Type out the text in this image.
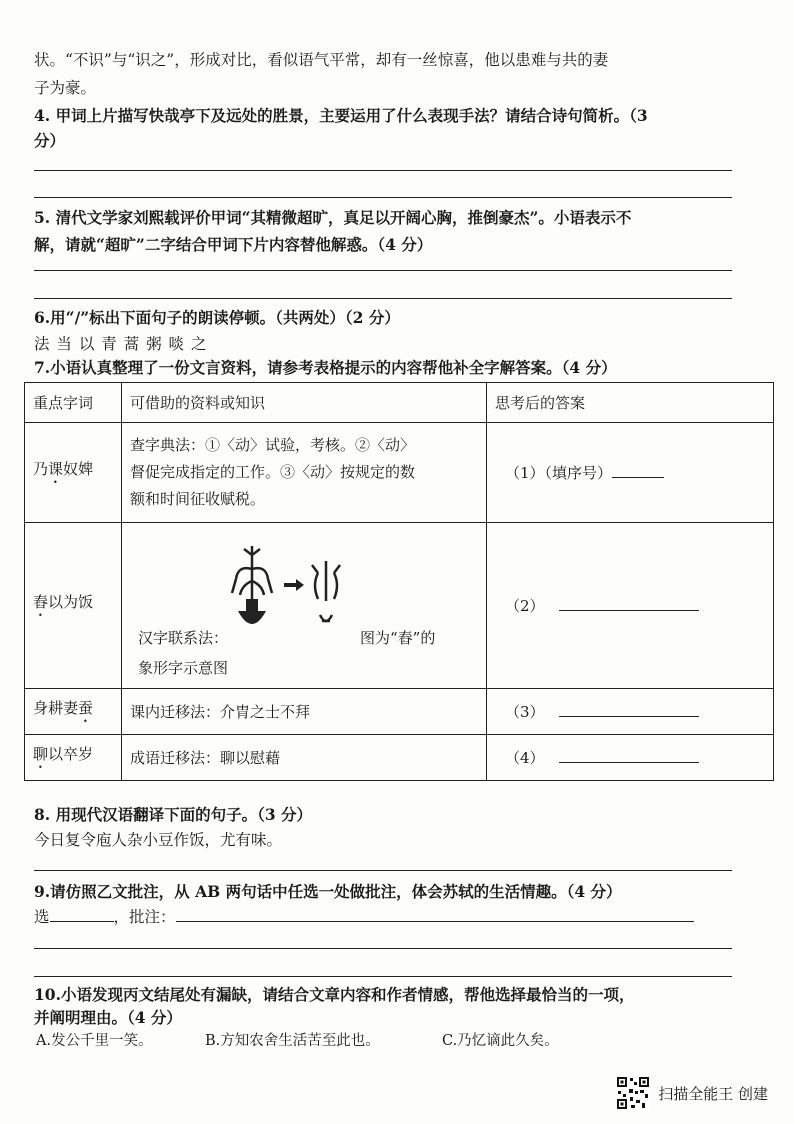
状。“不识”与“识之”，形成对比，看似语气平常，却有一丝惊喜，他以患难与共的妻
子为豪。
4. 甲词上片描写快哉亭下及远处的胜景，主要运用了什么表现手法？请结合诗句简析。（3
分）
5. 清代文学家刘熙载评价甲词“其精微超旷，真足以开阔心胸，推倒豪杰”。小语表示不
解，请就“超旷”二字结合甲词下片内容替他解惑。（4 分）
6.用“/”标出下面句子的朗读停顿。（共两处）（2 分）
法 当 以 青 蒿 粥 啖 之
7.小语认真整理了一份文言资料，请参考表格提示的内容帮他补全字解答案。（4 分）
重点字词	可借助的资料或知识	思考后的答案
乃课奴婢	查字典法：①〈动〉试验，考核。②〈动〉
督促完成指定的工作。③〈动〉按规定的数
额和时间征收赋税。	（1）（填序号）
舂以为饭	汉字联系法： 图为“舂”的
象形字示意图	（2）
身耕妻蚕	课内迁移法：介胄之士不拜	（3）
聊以卒岁	成语迁移法：聊以慰藉	（4）
8. 用现代汉语翻译下面的句子。（3 分）
今日复令庖人杂小豆作饭，尤有味。
9.请仿照乙文批注，从 AB 两句话中任选一处做批注，体会苏轼的生活情趣。（4 分）
选	，批注：
10.小语发现丙文结尾处有漏缺，请结合文章内容和作者情感，帮他选择最恰当的一项，
并阐明理由。（4 分）
A.发公千里一笑。	B.方知农舍生活苦至此也。	C.乃忆谪此久矣。
扫描全能王 创建
